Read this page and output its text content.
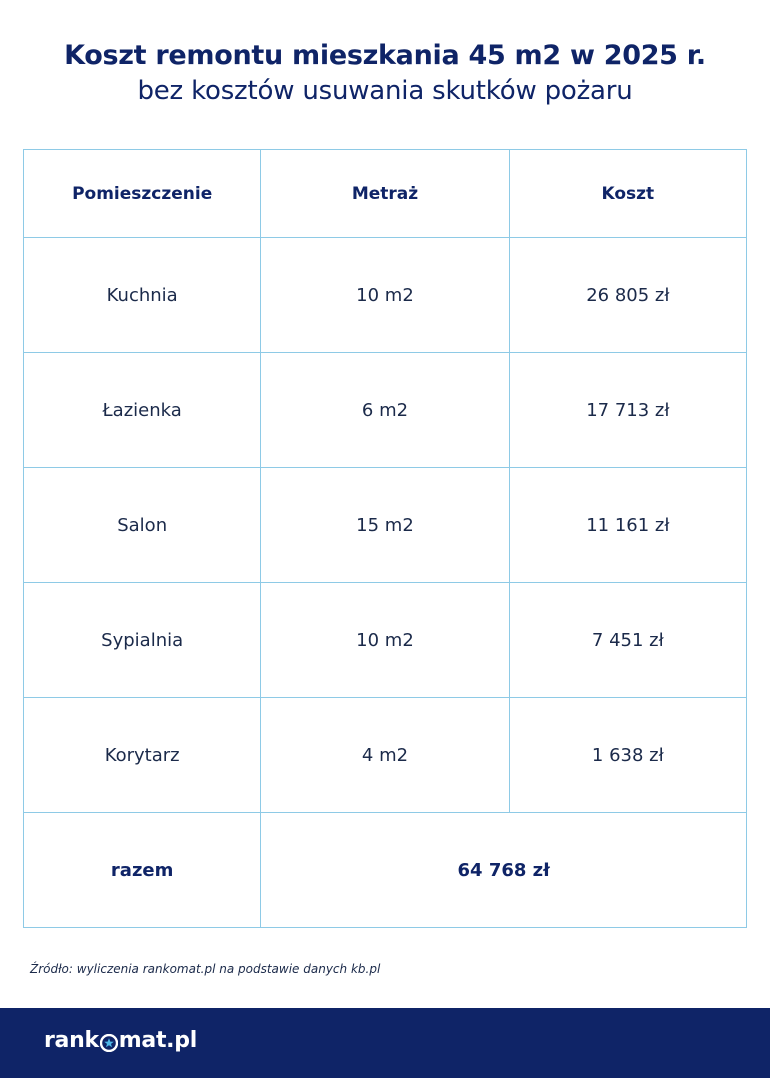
Koszt remontu mieszkania 45 m2 w 2025 r.
bez kosztów usuwania skutków pożaru
Pomieszczenie	Metraż	Koszt
Kuchnia	10 m2	26 805 zł
Łazienka	6 m2	17 713 zł
Salon	15 m2	11 161 zł
Sypialnia	10 m2	7 451 zł
Korytarz	4 m2	1 638 zł
razem	64 768 zł	
Źródło: wyliczenia rankomat.pl na podstawie danych kb.pl
rank mat.pl
